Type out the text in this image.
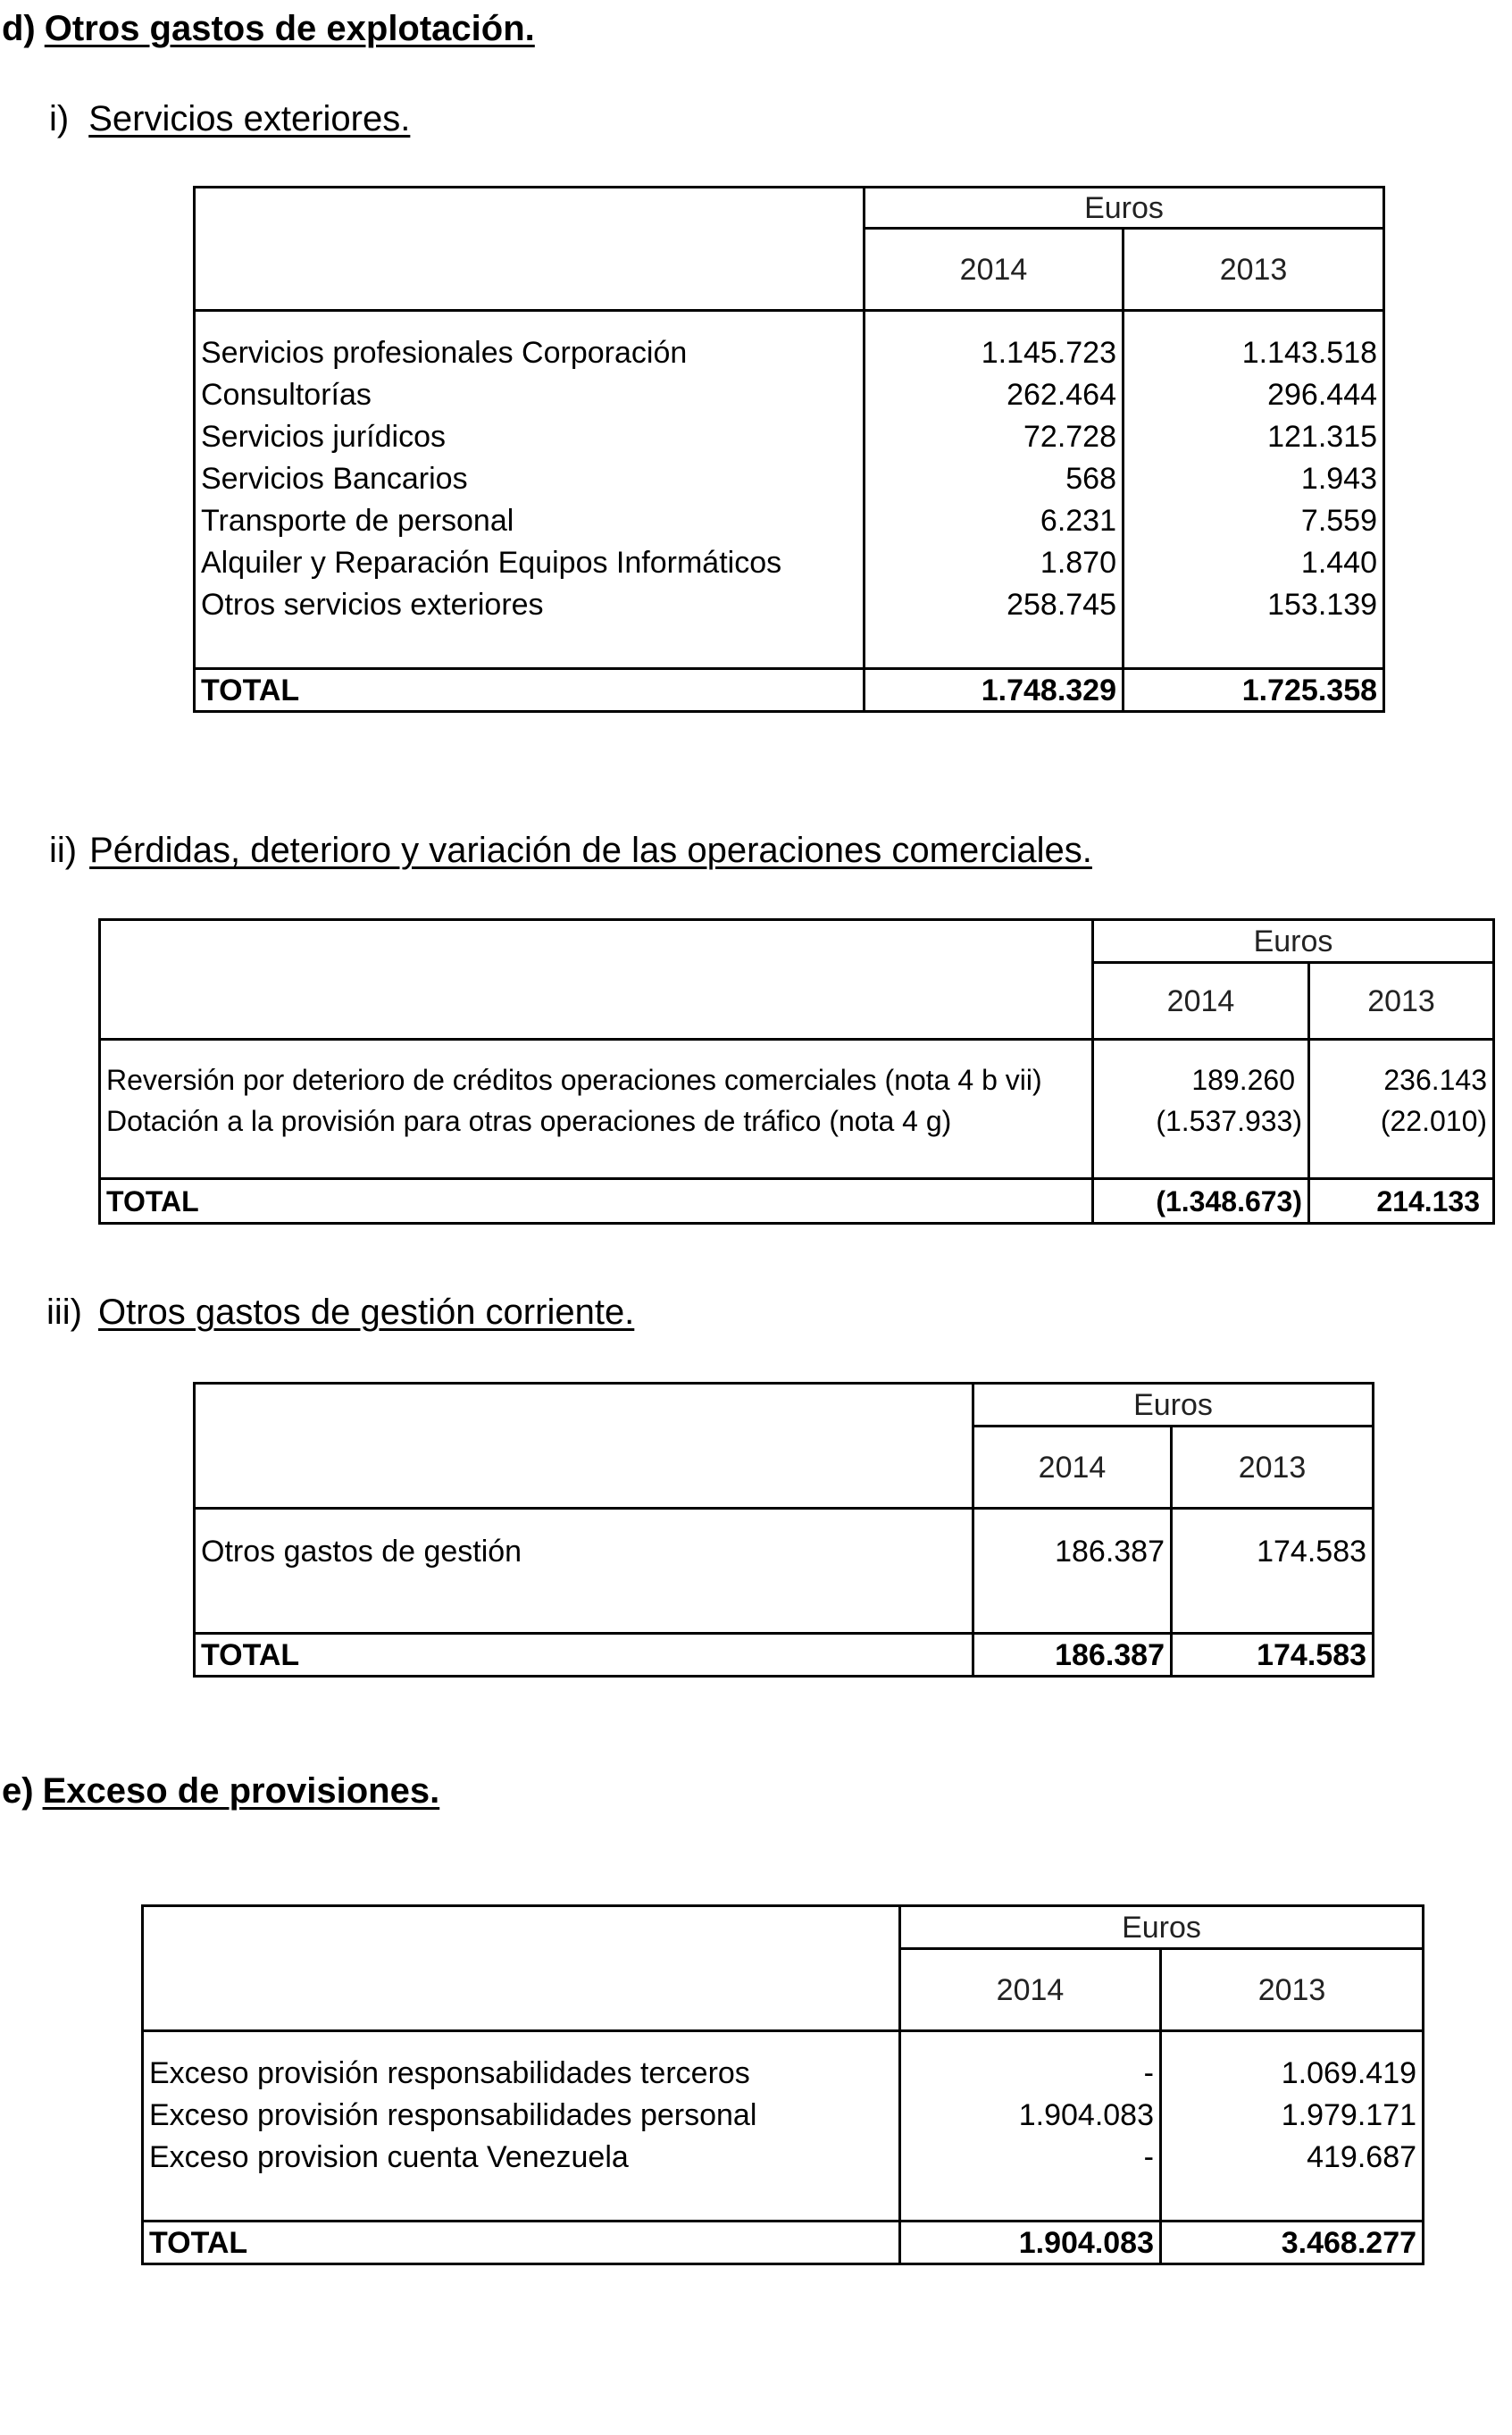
d) Otros gastos de explotación.
i) Servicios exteriores.
	Euros	
	2014	2013

Servicios profesionales Corporación	1.145.723	1.143.518
Consultorías	262.464	296.444
Servicios jurídicos	72.728	121.315
Servicios Bancarios	568	1.943
Transporte de personal	6.231	7.559
Alquiler y Reparación Equipos Informáticos	1.870	1.440
Otros servicios exteriores	258.745	153.139

TOTAL	1.748.329	1.725.358
ii) Pérdidas, deterioro y variación de las operaciones comerciales.
	Euros	
	2014	2013

Reversión por deterioro de créditos operaciones comerciales (nota 4 b vii)	189.260	236.143
Dotación a la provisión para otras operaciones de tráfico (nota 4 g)	(1.537.933)	(22.010)

TOTAL	(1.348.673)	214.133
iii) Otros gastos de gestión corriente.
	Euros	
	2014	2013

Otros gastos de gestión	186.387	174.583

TOTAL	186.387	174.583
e) Exceso de provisiones.
	Euros	
	2014	2013

Exceso provisión responsabilidades terceros	-	1.069.419
Exceso provisión responsabilidades personal	1.904.083	1.979.171
Exceso provision cuenta Venezuela	-	419.687

TOTAL	1.904.083	3.468.277
